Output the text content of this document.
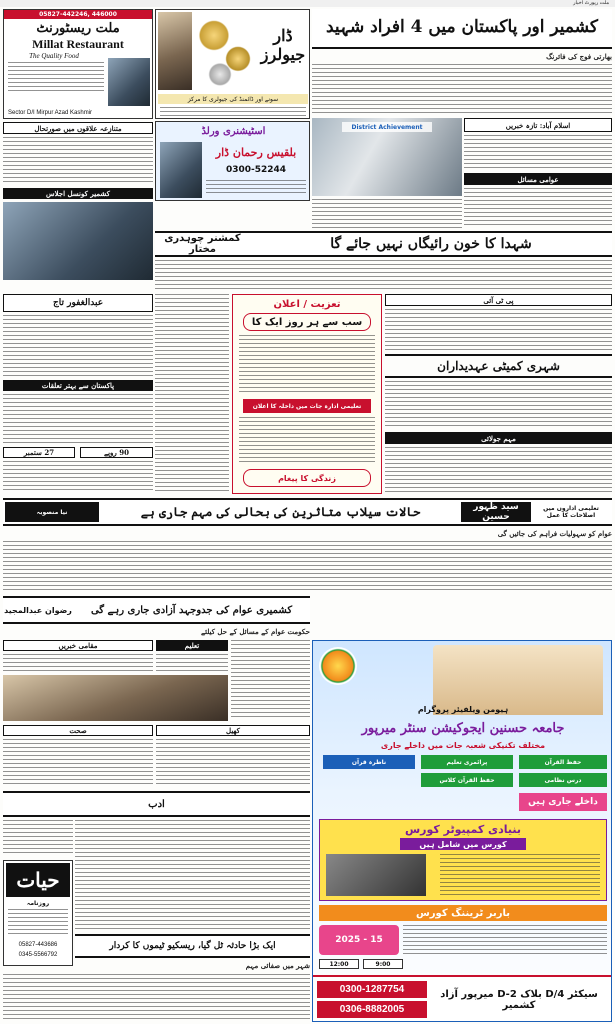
ملت رپورٹ اخبار
05827-442246, 446000
ملت ریسٹورنٹ
Millat Restaurant
The Quality Food
Sector D/I Mirpur Azad Kashmir
ڈار جیولرز
سونے اور ڈائمنڈ کی جیولری کا مرکز
کشمیر اور پاکستان میں 4 افراد شہید
بھارتی فوج کی فائرنگ
متنازعہ علاقوں میں صورتحال
کشمیر کونسل اجلاس
اسٹیشنری ورلڈ
بلقیس رحمان ڈار
0300-52244
District Achievement	اسلام آباد: تازہ خبریں
عوامی مسائل
کمشنر چوہدری مختار	شہدا کا خون رائیگاں نہیں جائے گا
عبدالغفور تاج
پاکستان سے بہتر تعلقات
27 ستمبر	90 روپے
تعزیت / اعلان
سب سے ہر روز ایک کا
تعلیمی ادارہ جات میں داخلہ کا اعلان
زندگی کا پیغام
پی ٹی آئی
شہری کمیٹی عہدیداران
مہم جولائی
سید ظہور حسین
حالات سیلاب متاثرین کی بحالی کی مہم جاری ہے
نیا منصوبہ	تعلیمی اداروں میں اصلاحات کا عمل
عوام کو سہولیات فراہم کی جائیں گی
رضوان عبدالمجید	کشمیری عوام کی جدوجہد آزادی جاری رہے گی
حکومت عوام کے مسائل کے حل کیلئے
مقامی خبریں	تعلیم
صحت	کھیل
ادب
حیات
روزنامہ
05827-443686
0345-5566792
ایک بڑا حادثہ ٹل گیا، ریسکیو ٹیموں کا کردار
شہر میں صفائی مہم
ہیومن ویلفیئر پروگرام
جامعہ حسنین ایجوکیشن سنٹر میرپور
مختلف تکنیکی شعبہ جات میں داخلے جاری
حفظ القرآن
پرائمری تعلیم
ناظرہ قرآن
درس نظامی
حفظ القرآن کلاس
داخلے جاری ہیں
بنیادی کمپیوٹر کورس
کورس میں شامل ہیں
باربر ٹریننگ کورس
2025 - 15
12:00	9:00
0300-1287754
0306-8882005
سیکٹر D/4 بلاک D-2 میرپور آزاد کشمیر
